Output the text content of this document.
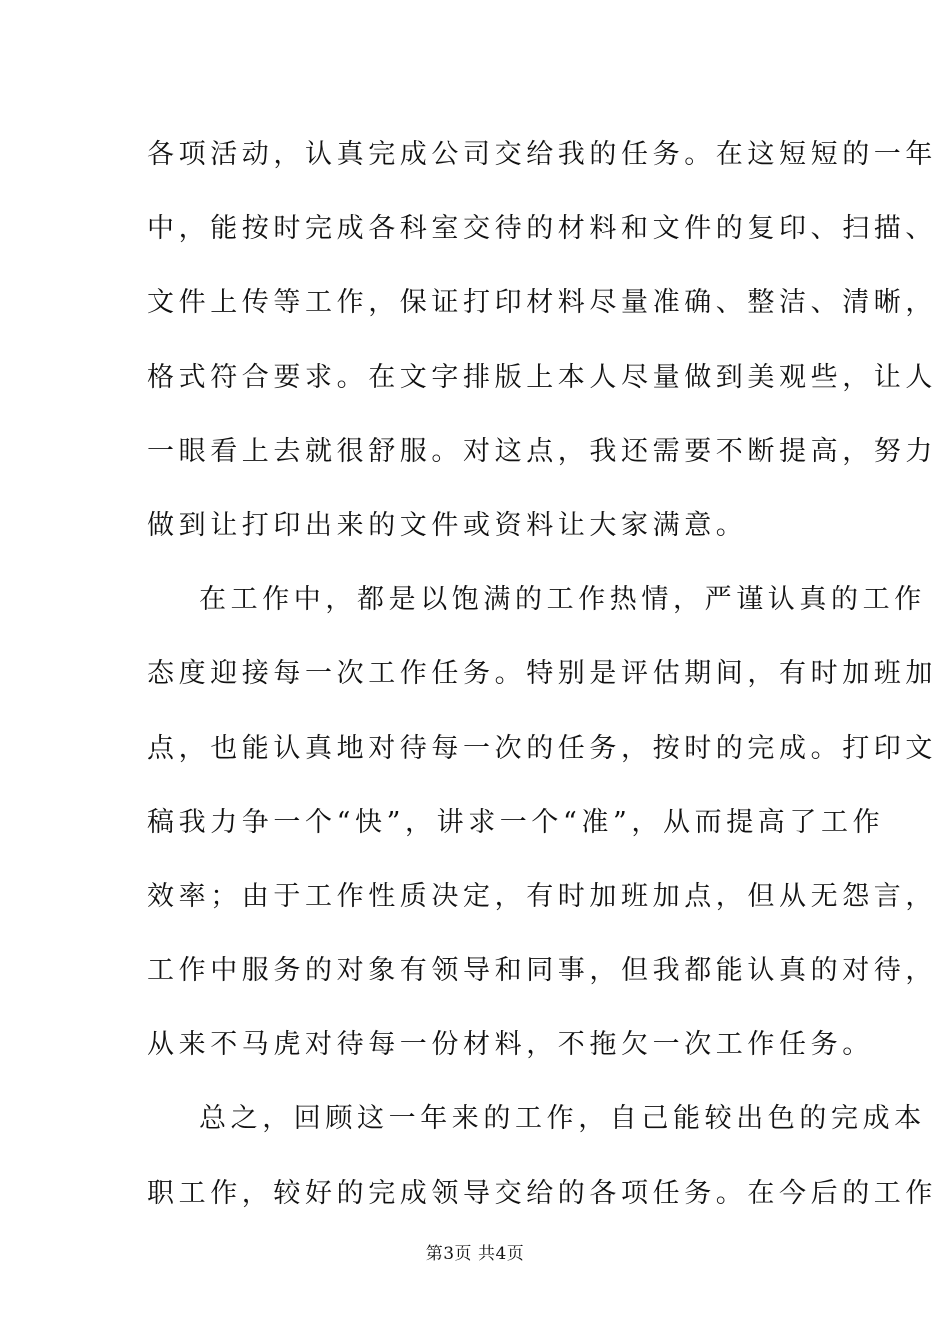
各项活动，认真完成公司交给我的任务。在这短短的一年
中，能按时完成各科室交待的材料和文件的复印、扫描、
文件上传等工作，保证打印材料尽量准确、整洁、清晰，
格式符合要求。在文字排版上本人尽量做到美观些，让人
一眼看上去就很舒服。对这点，我还需要不断提高，努力
做到让打印出来的文件或资料让大家满意。
在工作中，都是以饱满的工作热情，严谨认真的工作
态度迎接每一次工作任务。特别是评估期间，有时加班加
点，也能认真地对待每一次的任务，按时的完成。打印文
稿我力争一个“快”，讲求一个“准”，从而提高了工作
效率；由于工作性质决定，有时加班加点，但从无怨言，
工作中服务的对象有领导和同事，但我都能认真的对待，
从来不马虎对待每一份材料，不拖欠一次工作任务。
总之，回顾这一年来的工作，自己能较出色的完成本
职工作，较好的完成领导交给的各项任务。在今后的工作
第3页 共4页
